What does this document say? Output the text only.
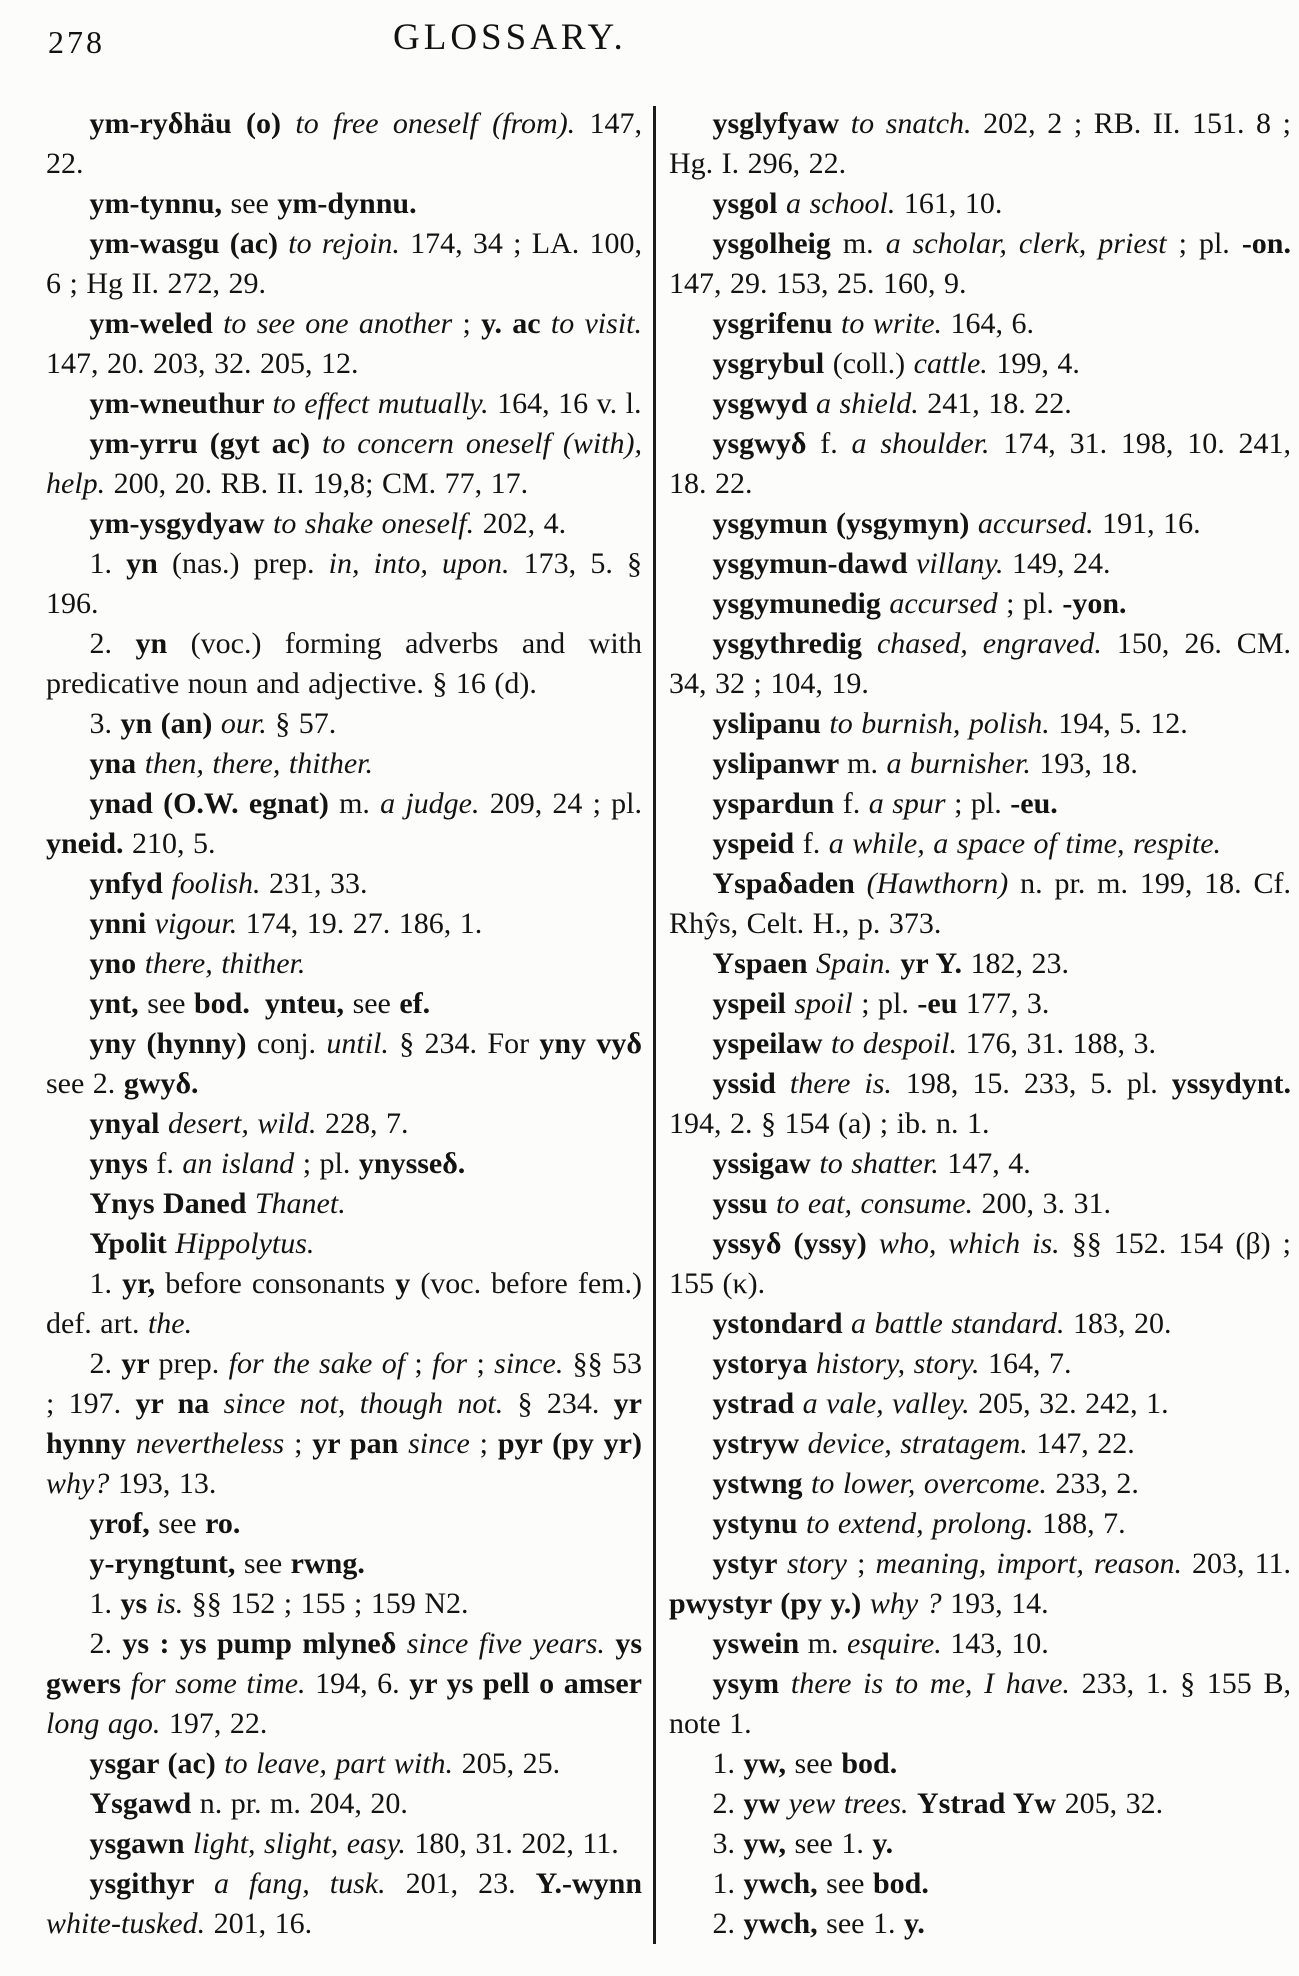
278	GLOSSARY.

ym-ryδhäu (o) to free oneself (from). 147, 22.

ym-tynnu, see ym-dynnu.

ym-wasgu (ac) to rejoin. 174, 34 ; LA. 100, 6 ; Hg II. 272, 29.

ym-weled to see one another ; y. ac to visit. 147, 20. 203, 32. 205, 12.

ym-wneuthur to effect mutually. 164, 16 v. l.

ym-yrru (gyt ac) to concern oneself (with), help. 200, 20. RB. II. 19,8; CM. 77, 17.

ym-ysgydyaw to shake oneself. 202, 4.

1. yn (nas.) prep. in, into, upon. 173, 5. § 196.

2. yn (voc.) forming adverbs and with predicative noun and adjective. § 16 (d).

3. yn (an) our. § 57.

yna then, there, thither.

ynad (O.W. egnat) m. a judge. 209, 24 ; pl. yneid. 210, 5.

ynfyd foolish. 231, 33.

ynni vigour. 174, 19. 27. 186, 1.

yno there, thither.

ynt, see bod.  ynteu, see ef.

yny (hynny) conj. until. § 234. For yny vyδ see 2. gwyδ.

ynyal desert, wild. 228, 7.

ynys f. an island ; pl. ynysseδ.

Ynys Daned Thanet.

Ypolit Hippolytus.

1. yr, before consonants y (voc. before fem.) def. art. the.

2. yr prep. for the sake of ; for ; since. §§ 53 ; 197. yr na since not, though not. § 234. yr hynny nevertheless ; yr pan since ; pyr (py yr) why? 193, 13.

yrof, see ro.

y-ryngtunt, see rwng.

1. ys is. §§ 152 ; 155 ; 159 N2.

2. ys : ys pump mlyneδ since five years. ys gwers for some time. 194, 6. yr ys pell o amser long ago. 197, 22.

ysgar (ac) to leave, part with. 205, 25.

Ysgawd n. pr. m. 204, 20.

ysgawn light, slight, easy. 180, 31. 202, 11.

ysgithyr a fang, tusk. 201, 23. Y.-wynn white-tusked. 201, 16.

ysglyfyaw to snatch. 202, 2 ; RB. II. 151. 8 ; Hg. I. 296, 22.

ysgol a school. 161, 10.

ysgolheig m. a scholar, clerk, priest ; pl. -on. 147, 29. 153, 25. 160, 9.

ysgrifenu to write. 164, 6.

ysgrybul (coll.) cattle. 199, 4.

ysgwyd a shield. 241, 18. 22.

ysgwyδ f. a shoulder. 174, 31. 198, 10. 241, 18. 22.

ysgymun (ysgymyn) accursed. 191, 16.

ysgymun-dawd villany. 149, 24.

ysgymunedig accursed ; pl. -yon.

ysgythredig chased, engraved. 150, 26. CM. 34, 32 ; 104, 19.

yslipanu to burnish, polish. 194, 5. 12.

yslipanwr m. a burnisher. 193, 18.

yspardun f. a spur ; pl. -eu.

yspeid f. a while, a space of time, respite.

Yspaδaden (Hawthorn) n. pr. m. 199, 18. Cf. Rhŷs, Celt. H., p. 373.

Yspaen Spain. yr Y. 182, 23.

yspeil spoil ; pl. -eu 177, 3.

yspeilaw to despoil. 176, 31. 188, 3.

yssid there is. 198, 15. 233, 5. pl. yssydynt. 194, 2. § 154 (a) ; ib. n. 1.

yssigaw to shatter. 147, 4.

yssu to eat, consume. 200, 3. 31.

yssyδ (yssy) who, which is. §§ 152. 154 (β) ; 155 (κ).

ystondard a battle standard. 183, 20.

ystorya history, story. 164, 7.

ystrad a vale, valley. 205, 32. 242, 1.

ystryw device, stratagem. 147, 22.

ystwng to lower, overcome. 233, 2.

ystynu to extend, prolong. 188, 7.

ystyr story ; meaning, import, reason. 203, 11. pwystyr (py y.) why ? 193, 14.

yswein m. esquire. 143, 10.

ysym there is to me, I have. 233, 1. § 155 B, note 1.

1. yw, see bod.

2. yw yew trees. Ystrad Yw 205, 32.

3. yw, see 1. y.

1. ywch, see bod.

2. ywch, see 1. y.
